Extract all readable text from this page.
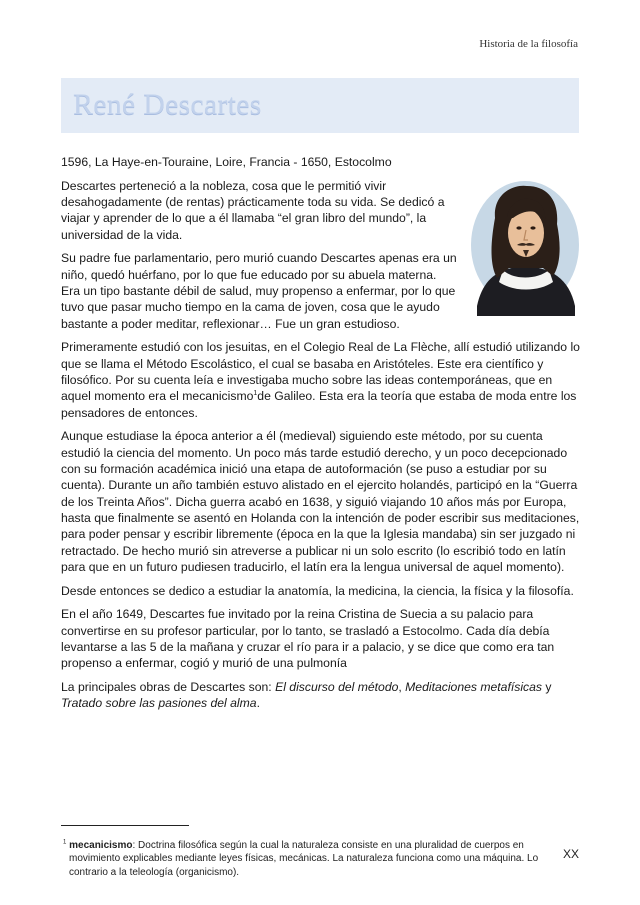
Historia de la filosofía
René Descartes

1596, La Haye-en-Touraine, Loire, Francia - 1650, Estocolmo

Descartes perteneció a la nobleza, cosa que le permitió vivir desahogadamente (de rentas) prácticamente toda su vida. Se dedicó a viajar y aprender de lo que a él llamaba “el gran libro del mundo”, la universidad de la vida.

Su padre fue parlamentario, pero murió cuando Descartes apenas era un niño, quedó huérfano, por lo que fue educado por su abuela materna.
Era un tipo bastante débil de salud, muy propenso a enfermar, por lo que tuvo que pasar mucho tiempo en la cama de joven, cosa que le ayudo bastante a poder meditar, reflexionar… Fue un gran estudioso.

Primeramente estudió con los jesuitas, en el Colegio Real de La Flèche, allí estudió utilizando lo que se llama el Método Escolástico, el cual se basaba en Aristóteles. Este era científico y filosófico. Por su cuenta leía e investigaba mucho sobre las ideas contemporáneas, que en aquel momento era el mecanicismo$^1$de Galileo. Esta era la teoría que estaba de moda entre los pensadores de entonces.

Aunque estudiase la época anterior a él (medieval) siguiendo este método, por su cuenta estudió la ciencia del momento. Un poco más tarde estudió derecho, y un poco decepcionado con su formación académica inició una etapa de autoformación (se puso a estudiar por su cuenta). Durante un año también estuvo alistado en el ejercito holandés, participó en la “Guerra de los Treinta Años”. Dicha guerra acabó en 1638, y siguió viajando 10 años más por Europa, hasta que finalmente se asentó en Holanda con la intención de poder escribir sus meditaciones, para poder pensar y escribir libremente (época en la que la Iglesia mandaba) sin ser juzgado ni retractado. De hecho murió sin atreverse a publicar ni un solo escrito (lo escribió todo en latín para que en un futuro pudiesen traducirlo, el latín era la lengua universal de aquel momento).

Desde entonces se dedico a estudiar la anatomía, la medicina, la ciencia, la física y la filosofía.

En el año 1649, Descartes fue invitado por la reina Cristina de Suecia a su palacio para convertirse en su profesor particular, por lo tanto, se trasladó a Estocolmo. Cada día debía levantarse a las 5 de la mañana y cruzar el río para ir a palacio, y se dice que como era tan propenso a enfermar, cogió y murió de una pulmonía

La principales obras de Descartes son: El discurso del método, Meditaciones metafísicas y Tratado sobre las pasiones del alma.

$^1$ mecanicismo: Doctrina filosófica según la cual la naturaleza consiste en una pluralidad de cuerpos en movimiento explicables mediante leyes físicas, mecánicas. La naturaleza funciona como una máquina. Lo contrario a la teleología (organicismo).
XX
